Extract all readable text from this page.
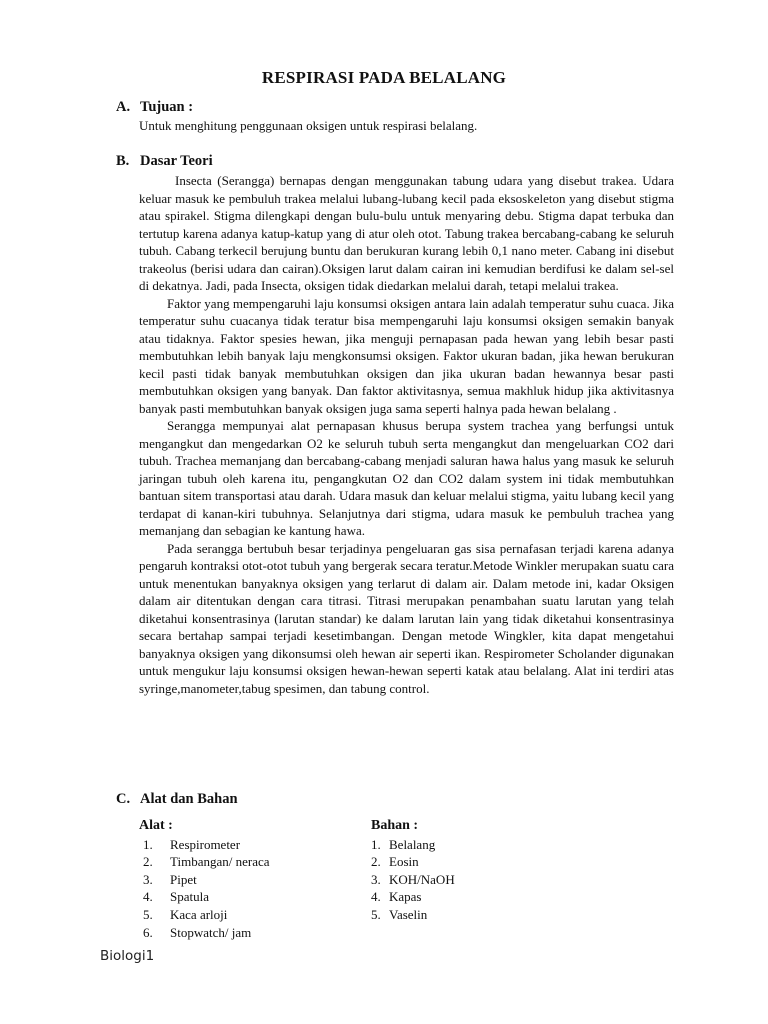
RESPIRASI PADA BELALANG
A. Tujuan :
Untuk menghitung penggunaan oksigen untuk respirasi belalang.
B. Dasar Teori

Insecta (Serangga) bernapas dengan menggunakan tabung udara yang disebut trakea. Udara keluar masuk ke pembuluh trakea melalui lubang-lubang kecil pada eksoskeleton yang disebut stigma atau spirakel. Stigma dilengkapi dengan bulu-bulu untuk menyaring debu. Stigma dapat terbuka dan tertutup karena adanya katup-katup yang di atur oleh otot. Tabung trakea bercabang-cabang ke seluruh tubuh. Cabang terkecil berujung buntu dan berukuran kurang lebih 0,1 nano meter. Cabang ini disebut trakeolus (berisi udara dan cairan).Oksigen larut dalam cairan ini kemudian berdifusi ke dalam sel-sel di dekatnya. Jadi, pada Insecta, oksigen tidak diedarkan melalui darah, tetapi melalui trakea.

Faktor yang mempengaruhi laju konsumsi oksigen antara lain adalah temperatur suhu cuaca. Jika temperatur suhu cuacanya tidak teratur bisa mempengaruhi laju konsumsi oksigen semakin banyak atau tidaknya. Faktor spesies hewan, jika menguji pernapasan pada hewan yang lebih besar pasti membutuhkan lebih banyak laju mengkonsumsi oksigen. Faktor ukuran badan, jika hewan berukuran kecil pasti tidak banyak membutuhkan oksigen dan jika ukuran badan hewannya besar pasti membutuhkan oksigen yang banyak. Dan faktor aktivitasnya, semua makhluk hidup jika aktivitasnya banyak pasti membutuhkan banyak oksigen juga sama seperti halnya pada hewan belalang .

Serangga mempunyai alat pernapasan khusus berupa system trachea yang berfungsi untuk mengangkut dan mengedarkan O2 ke seluruh tubuh serta mengangkut dan mengeluarkan CO2 dari tubuh. Trachea memanjang dan bercabang-cabang menjadi saluran hawa halus yang masuk ke seluruh jaringan tubuh oleh karena itu, pengangkutan O2 dan CO2 dalam system ini tidak membutuhkan bantuan sitem transportasi atau darah. Udara masuk dan keluar melalui stigma, yaitu lubang kecil yang terdapat di kanan-kiri tubuhnya. Selanjutnya dari stigma, udara masuk ke pembuluh trachea yang memanjang dan sebagian ke kantung hawa.

Pada serangga bertubuh besar terjadinya pengeluaran gas sisa pernafasan terjadi karena adanya pengaruh kontraksi otot-otot tubuh yang bergerak secara teratur.Metode Winkler merupakan suatu cara untuk menentukan banyaknya oksigen yang terlarut di dalam air. Dalam metode ini, kadar Oksigen dalam air ditentukan dengan cara titrasi. Titrasi merupakan penambahan suatu larutan yang telah diketahui konsentrasinya (larutan standar) ke dalam larutan lain yang tidak diketahui konsentrasinya secara bertahap sampai terjadi kesetimbangan. Dengan metode Wingkler, kita dapat mengetahui banyaknya oksigen yang dikonsumsi oleh hewan air seperti ikan. Respirometer Scholander digunakan untuk mengukur laju konsumsi oksigen hewan-hewan seperti katak atau belalang. Alat ini terdiri atas syringe,manometer,tabug spesimen, dan tabung control.

C. Alat dan Bahan
Alat :
1.	Respirometer
2.	Timbangan/ neraca
3.	Pipet
4.	Spatula
5.	Kaca arloji
6.	Stopwatch/ jam
Bahan :
1. Belalang
2. Eosin
3. KOH/NaOH
4. Kapas
5. Vaselin
Biologi1
